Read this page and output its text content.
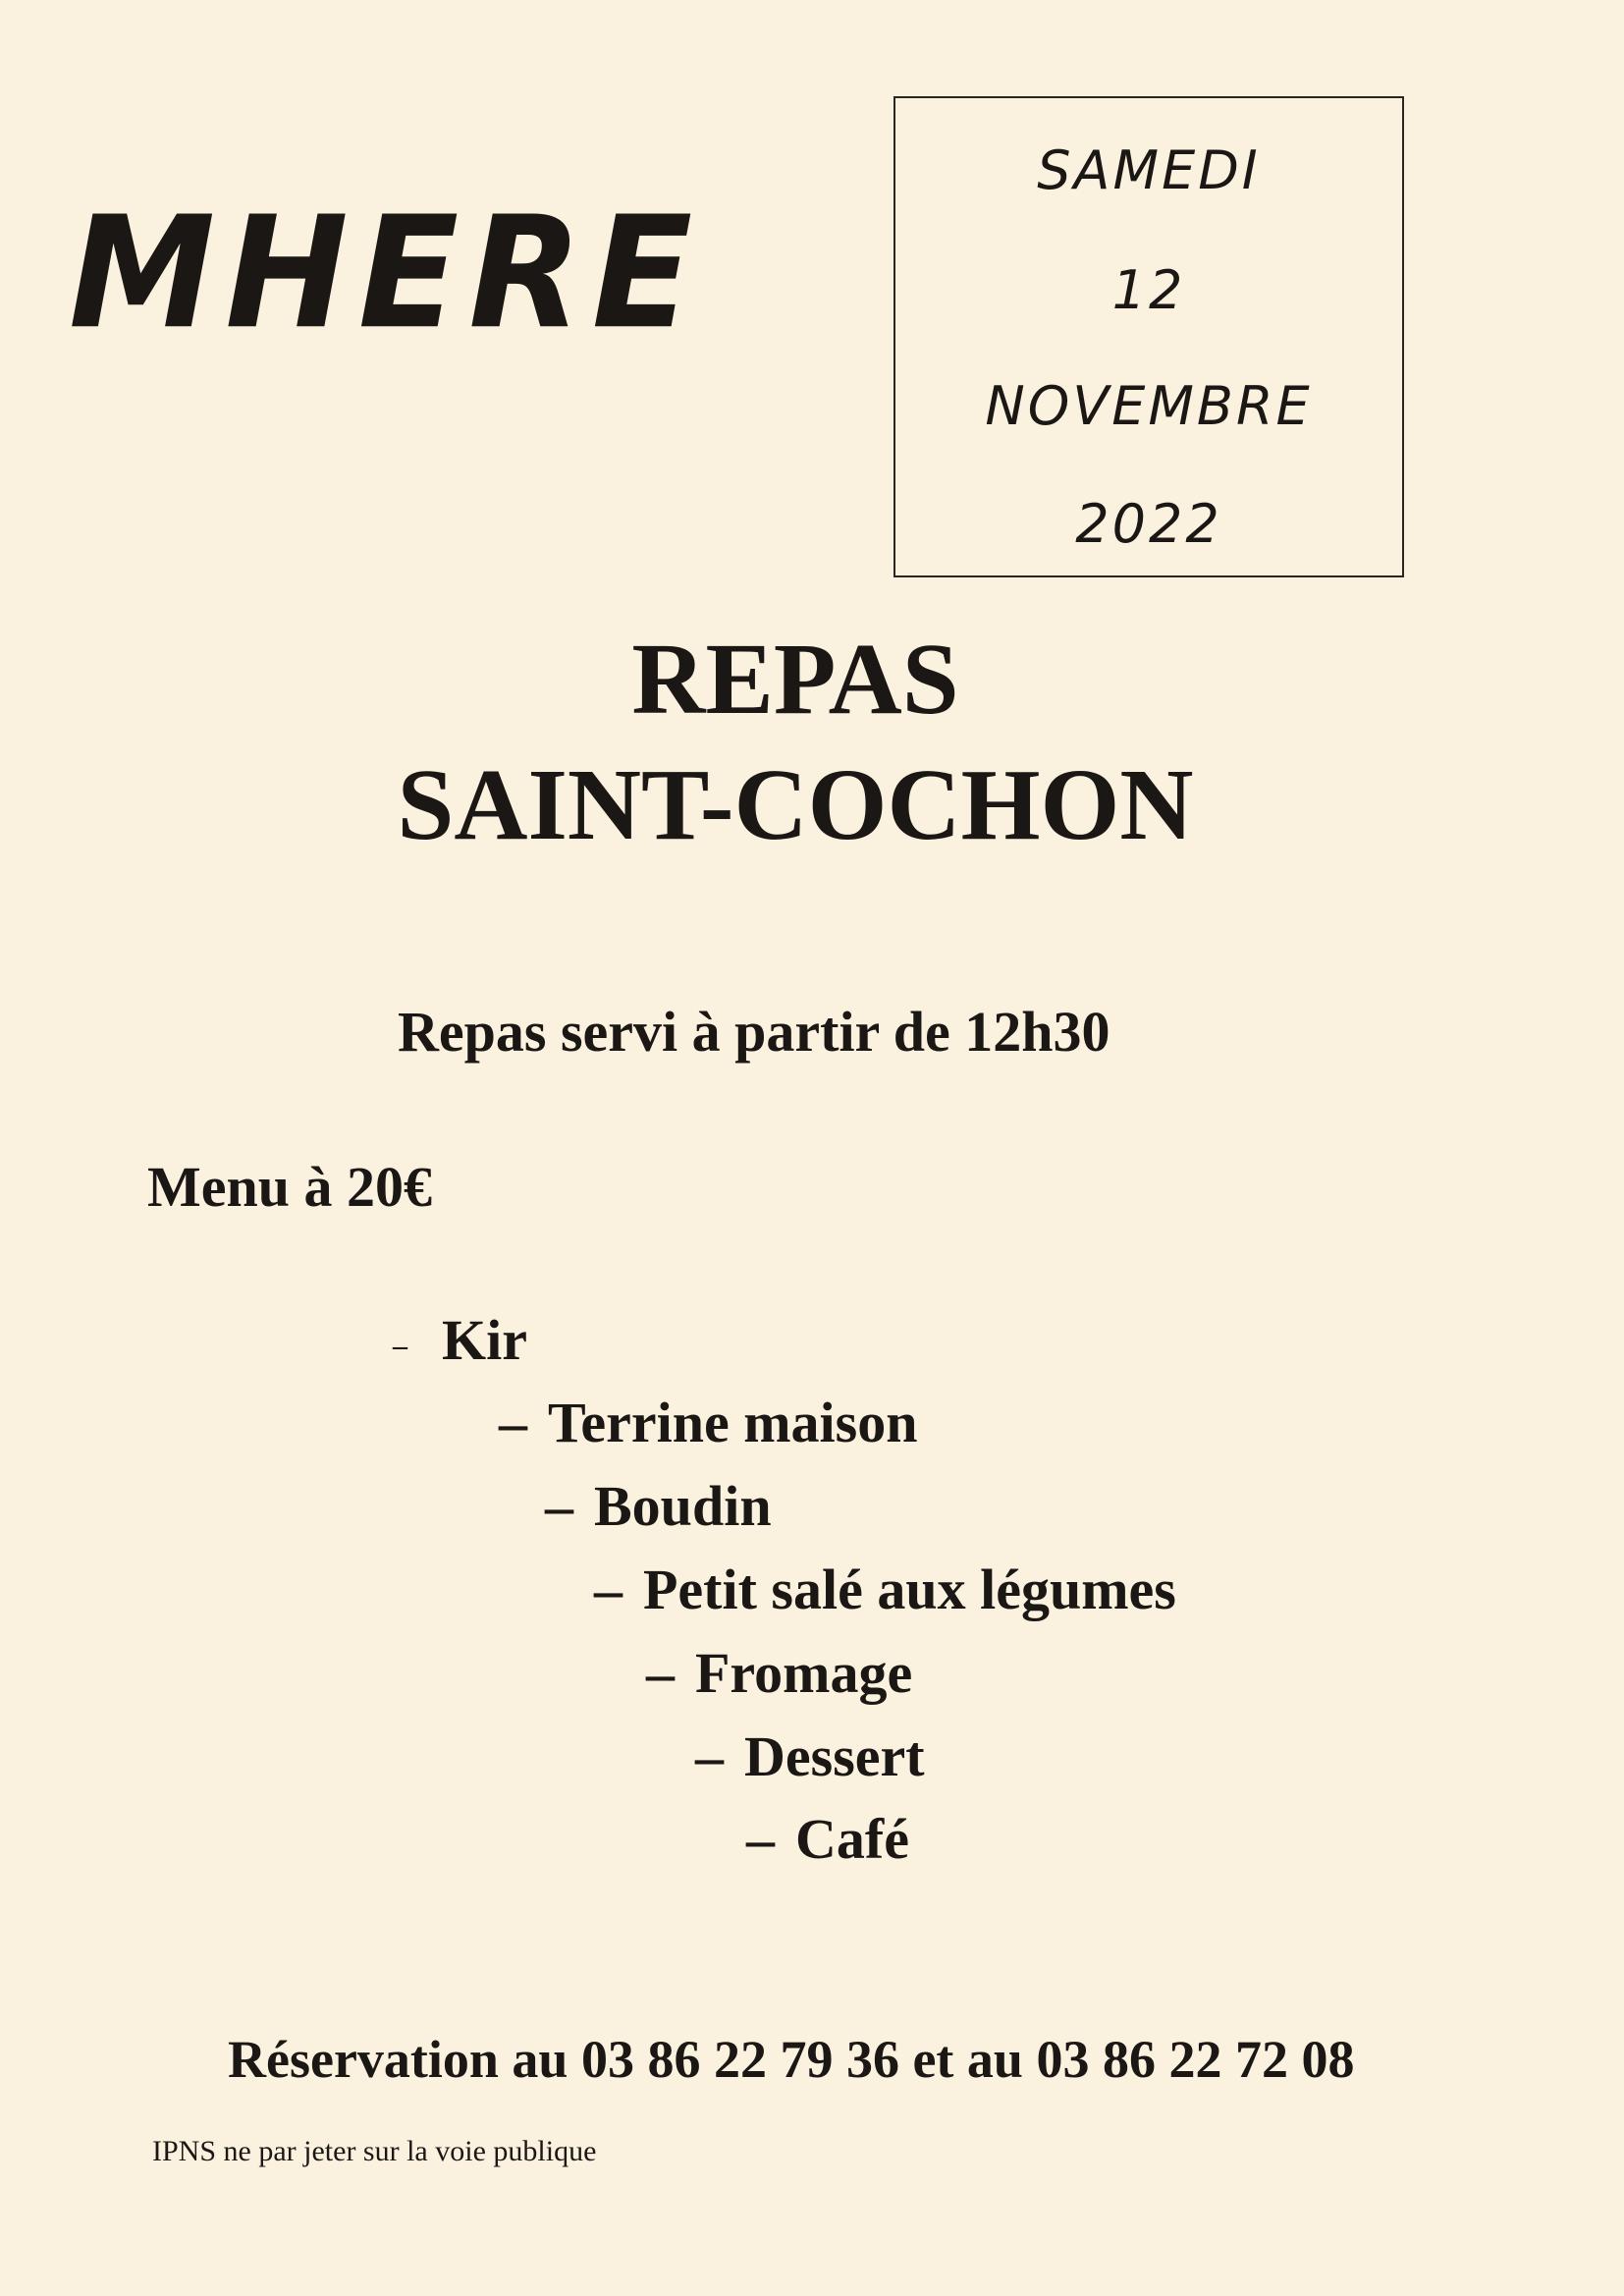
MHERE
SAMEDI
12
NOVEMBRE
2022
REPAS
SAINT-COCHON
Repas servi à partir de 12h30
Menu à 20€
– Kir
– Terrine maison
– Boudin
– Petit salé aux légumes
– Fromage
– Dessert
– Café
Réservation au 03 86 22 79 36 et au 03 86 22 72 08
IPNS ne par jeter sur la voie publique
